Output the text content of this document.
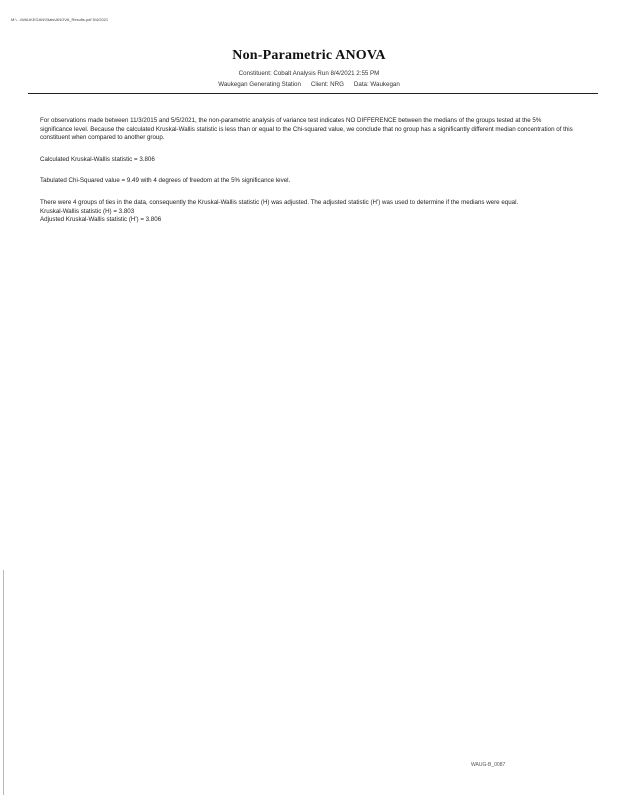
M:\...\WAUKEGAN\Stats\ANOVA_Results.pdf 5/4/2021
Non-Parametric ANOVA
Constituent: Cobalt Analysis Run 8/4/2021 2:55 PM
Waukegan Generating Station Client: NRG Data: Waukegan

For observations made between 11/3/2015 and 5/5/2021, the non-parametric analysis of variance test indicates NO DIFFERENCE between the medians of the groups tested at the 5% significance level. Because the calculated Kruskal-Wallis statistic is less than or equal to the Chi-squared value, we conclude that no group has a significantly different median concentration of this constituent when compared to another group.

Calculated Kruskal-Wallis statistic = 3.806

Tabulated Chi-Squared value = 9.49 with 4 degrees of freedom at the 5% significance level.

There were 4 groups of ties in the data, consequently the Kruskal-Wallis statistic (H) was adjusted. The adjusted statistic (H') was used to determine if the medians were equal.

Kruskal-Wallis statistic (H) = 3.803

Adjusted Kruskal-Wallis statistic (H') = 3.806

WAUG-B_0087
